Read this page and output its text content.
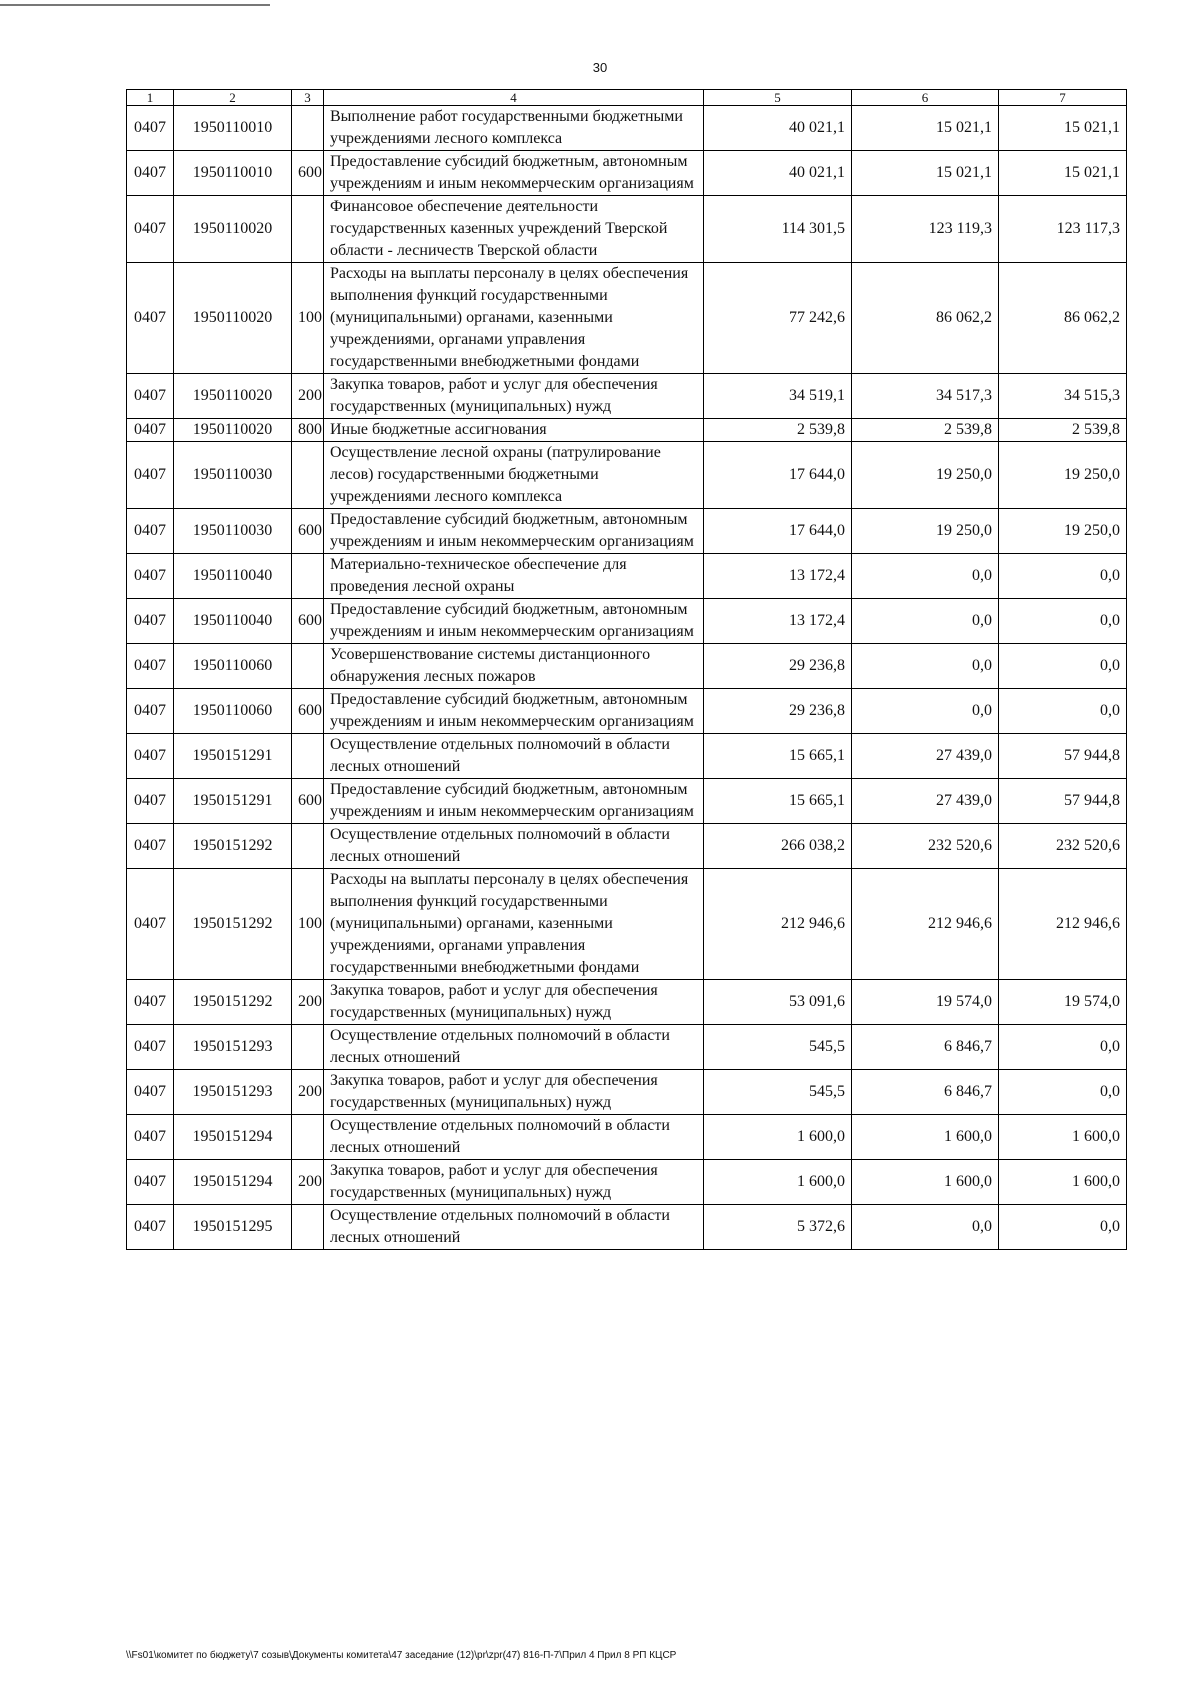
30
1	2	3	4	5	6	7
0407	1950110010		Выполнение работ государственными бюджетными учреждениями лесного комплекса	40 021,1	15 021,1	15 021,1
0407	1950110010	600	Предоставление субсидий бюджетным, автономным учреждениям и иным некоммерческим организациям	40 021,1	15 021,1	15 021,1
0407	1950110020		Финансовое обеспечение деятельности государственных казенных учреждений Тверской области - лесничеств Тверской области	114 301,5	123 119,3	123 117,3
0407	1950110020	100	Расходы на выплаты персоналу в целях обеспечения выполнения функций государственными (муниципальными) органами, казенными учреждениями, органами управления государственными внебюджетными фондами	77 242,6	86 062,2	86 062,2
0407	1950110020	200	Закупка товаров, работ и услуг для обеспечения государственных (муниципальных) нужд	34 519,1	34 517,3	34 515,3
0407	1950110020	800	Иные бюджетные ассигнования	2 539,8	2 539,8	2 539,8
0407	1950110030		Осуществление лесной охраны (патрулирование лесов) государственными бюджетными учреждениями лесного комплекса	17 644,0	19 250,0	19 250,0
0407	1950110030	600	Предоставление субсидий бюджетным, автономным учреждениям и иным некоммерческим организациям	17 644,0	19 250,0	19 250,0
0407	1950110040		Материально-техническое обеспечение для проведения лесной охраны	13 172,4	0,0	0,0
0407	1950110040	600	Предоставление субсидий бюджетным, автономным учреждениям и иным некоммерческим организациям	13 172,4	0,0	0,0
0407	1950110060		Усовершенствование системы дистанционного обнаружения лесных пожаров	29 236,8	0,0	0,0
0407	1950110060	600	Предоставление субсидий бюджетным, автономным учреждениям и иным некоммерческим организациям	29 236,8	0,0	0,0
0407	1950151291		Осуществление отдельных полномочий в области лесных отношений	15 665,1	27 439,0	57 944,8
0407	1950151291	600	Предоставление субсидий бюджетным, автономным учреждениям и иным некоммерческим организациям	15 665,1	27 439,0	57 944,8
0407	1950151292		Осуществление отдельных полномочий в области лесных отношений	266 038,2	232 520,6	232 520,6
0407	1950151292	100	Расходы на выплаты персоналу в целях обеспечения выполнения функций государственными (муниципальными) органами, казенными учреждениями, органами управления государственными внебюджетными фондами	212 946,6	212 946,6	212 946,6
0407	1950151292	200	Закупка товаров, работ и услуг для обеспечения государственных (муниципальных) нужд	53 091,6	19 574,0	19 574,0
0407	1950151293		Осуществление отдельных полномочий в области лесных отношений	545,5	6 846,7	0,0
0407	1950151293	200	Закупка товаров, работ и услуг для обеспечения государственных (муниципальных) нужд	545,5	6 846,7	0,0
0407	1950151294		Осуществление отдельных полномочий в области лесных отношений	1 600,0	1 600,0	1 600,0
0407	1950151294	200	Закупка товаров, работ и услуг для обеспечения государственных (муниципальных) нужд	1 600,0	1 600,0	1 600,0
0407	1950151295		Осуществление отдельных полномочий в области лесных отношений	5 372,6	0,0	0,0
\\Fs01\комитет по бюджету\7 созыв\Документы комитета\47 заседание (12)\pr\zpr(47) 816-П-7\Прил 4 Прил 8 РП КЦСР
